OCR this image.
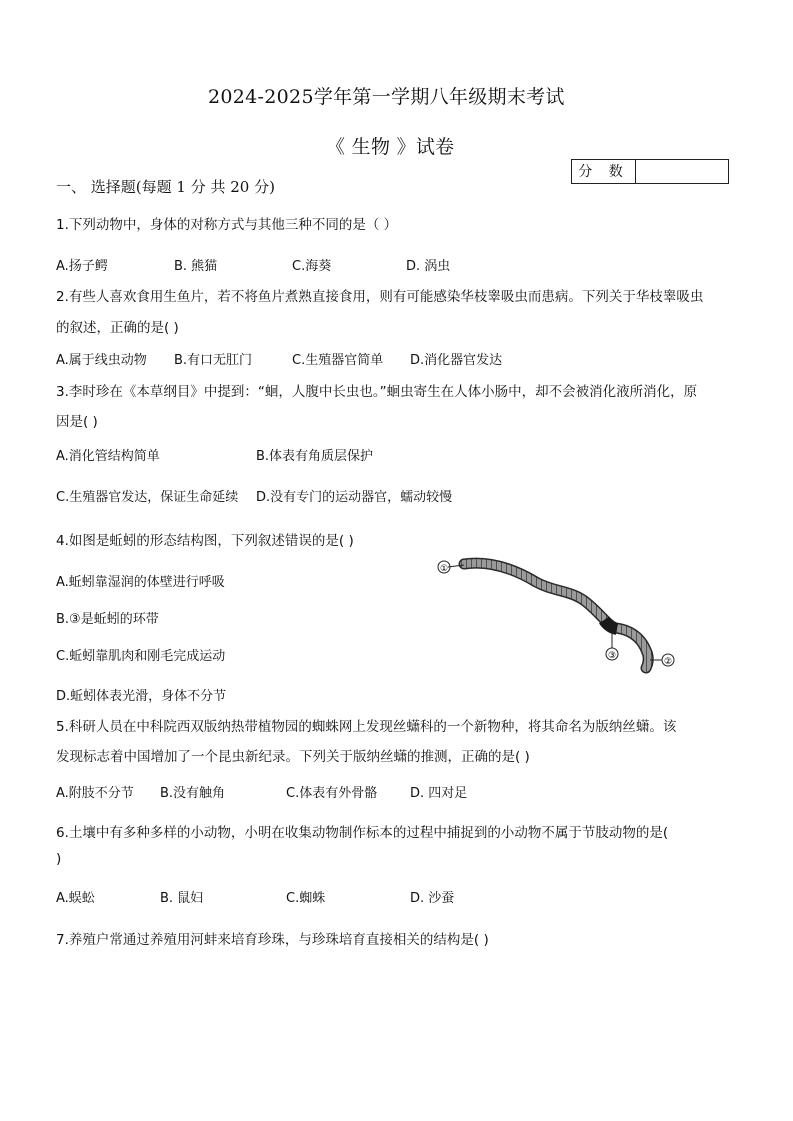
2024-2025学年第一学期八年级期末考试
《 生物 》试卷
分 数
一、 选择题(每题 1 分 共 20 分)
1.下列动物中，身体的对称方式与其他三种不同的是（ ）
A.扬子鳄	B. 熊猫	C.海葵	D. 涡虫
2.有些人喜欢食用生鱼片，若不将鱼片煮熟直接食用，则有可能感染华枝睾吸虫而患病。下列关于华枝睾吸虫
的叙述，正确的是( )
A.属于线虫动物 B.有口无肛门	C.生殖器官简单 D.消化器官发达
3.李时珍在《本草纲目》中提到：“蛔，人腹中长虫也。”蛔虫寄生在人体小肠中，却不会被消化液所消化，原
因是( )
A.消化管结构简单	B.体表有角质层保护
C.生殖器官发达，保证生命延续 D.没有专门的运动器官，蠕动较慢
4.如图是蚯蚓的形态结构图，下列叙述错误的是( )
A.蚯蚓靠湿润的体壁进行呼吸
B.③是蚯蚓的环带
C.蚯蚓靠肌肉和刚毛完成运动
D.蚯蚓体表光滑，身体不分节
①
③
②
5.科研人员在中科院西双版纳热带植物园的蜘蛛网上发现丝蟏科的一个新物种，将其命名为版纳丝蟏。该
发现标志着中国增加了一个昆虫新纪录。下列关于版纳丝蟏的推测，正确的是( )
A.附肢不分节 B.没有触角	C.体表有外骨骼	D. 四对足
6.土壤中有多种多样的小动物，小明在收集动物制作标本的过程中捕捉到的小动物不属于节肢动物的是(
)
A.蜈蚣	B. 鼠妇	C.蜘蛛	D. 沙蚕
7.养殖户常通过养殖用河蚌来培育珍珠，与珍珠培育直接相关的结构是( )
